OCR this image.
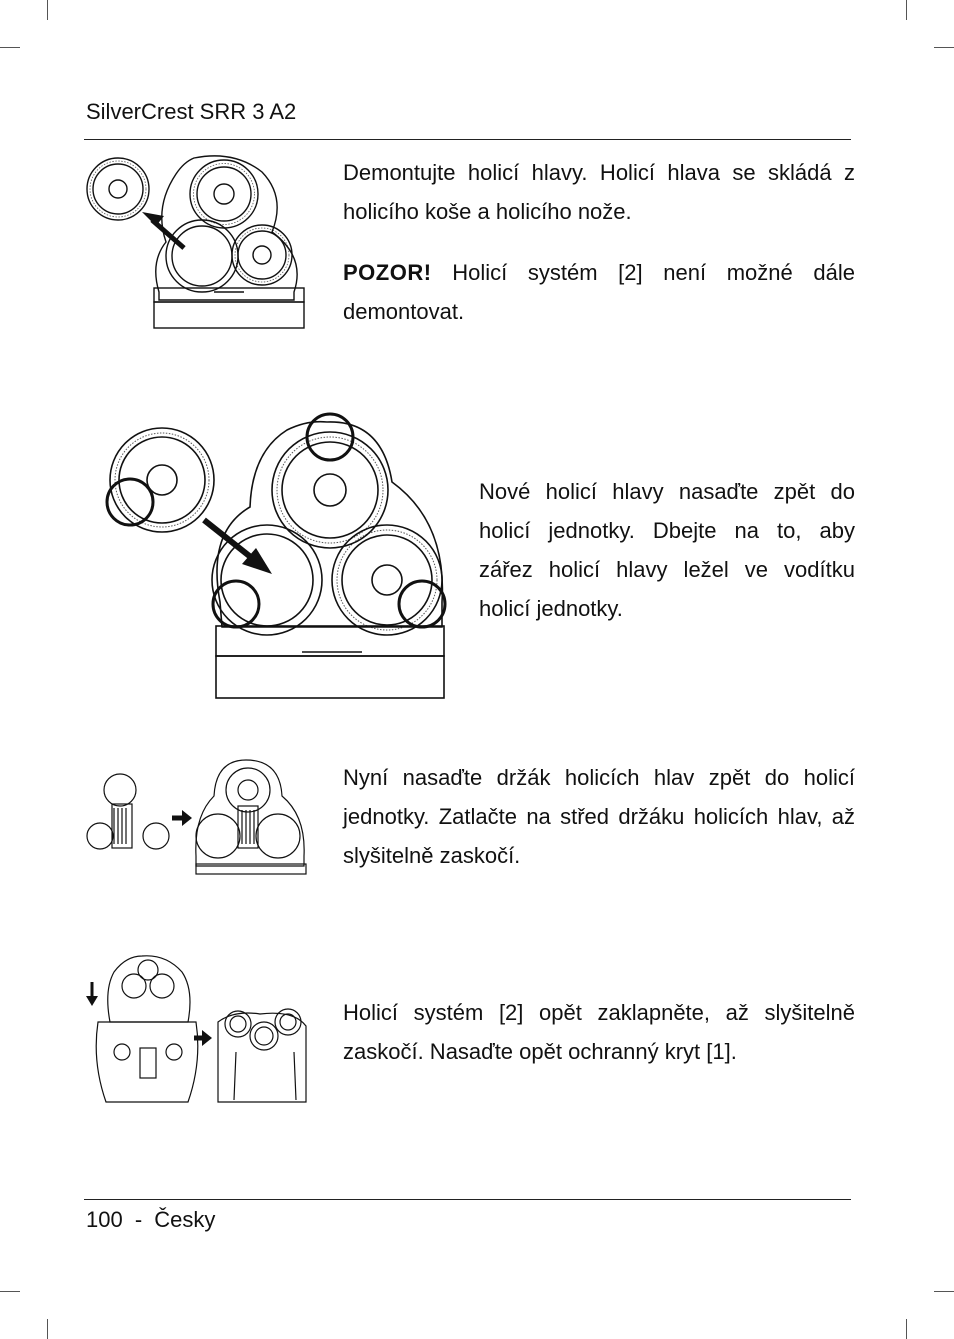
SilverCrest SRR 3 A2

Demontujte holicí hlavy. Holicí hlava se skládá z holicího koše a holicího nože.

POZOR! Holicí systém [2] není možné dále demontovat.

Nové holicí hlavy nasaďte zpět do holicí jednotky. Dbejte na to, aby zářez holicí hlavy ležel ve vodítku holicí jednotky.

Nyní nasaďte držák holicích hlav zpět do holicí jednotky. Zatlačte na střed držáku holicích hlav, až slyšitelně zaskočí.

Holicí systém [2] opět zaklapněte, až slyšitelně zaskočí. Nasaďte opět ochranný kryt [1].

100 - Česky
